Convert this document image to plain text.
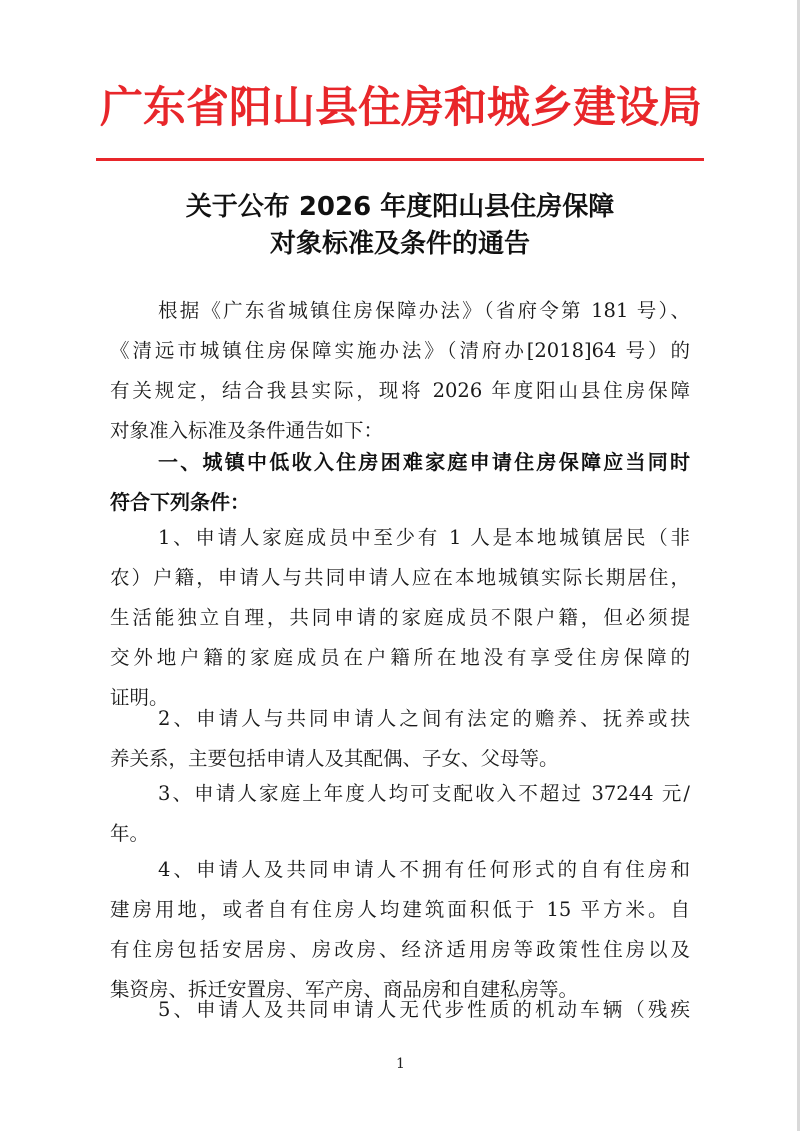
广东省阳山县住房和城乡建设局
关于公布 2026 年度阳山县住房保障
对象标准及条件的通告
根据《广东省城镇住房保障办法》（省府令第 181 号）、
《清远市城镇住房保障实施办法》（清府办[2018]64 号）的
有关规定，结合我县实际，现将 2026 年度阳山县住房保障
对象准入标准及条件通告如下：
一、城镇中低收入住房困难家庭申请住房保障应当同时
符合下列条件：
1、申请人家庭成员中至少有 1 人是本地城镇居民（非
农）户籍，申请人与共同申请人应在本地城镇实际长期居住，
生活能独立自理，共同申请的家庭成员不限户籍，但必须提
交外地户籍的家庭成员在户籍所在地没有享受住房保障的
证明。
2、申请人与共同申请人之间有法定的赡养、抚养或扶
养关系，主要包括申请人及其配偶、子女、父母等。
3、申请人家庭上年度人均可支配收入不超过 37244 元/
年。
4、申请人及共同申请人不拥有任何形式的自有住房和
建房用地，或者自有住房人均建筑面积低于 15 平方米。自
有住房包括安居房、房改房、经济适用房等政策性住房以及
集资房、拆迁安置房、军产房、商品房和自建私房等。
5、申请人及共同申请人无代步性质的机动车辆（残疾
1
